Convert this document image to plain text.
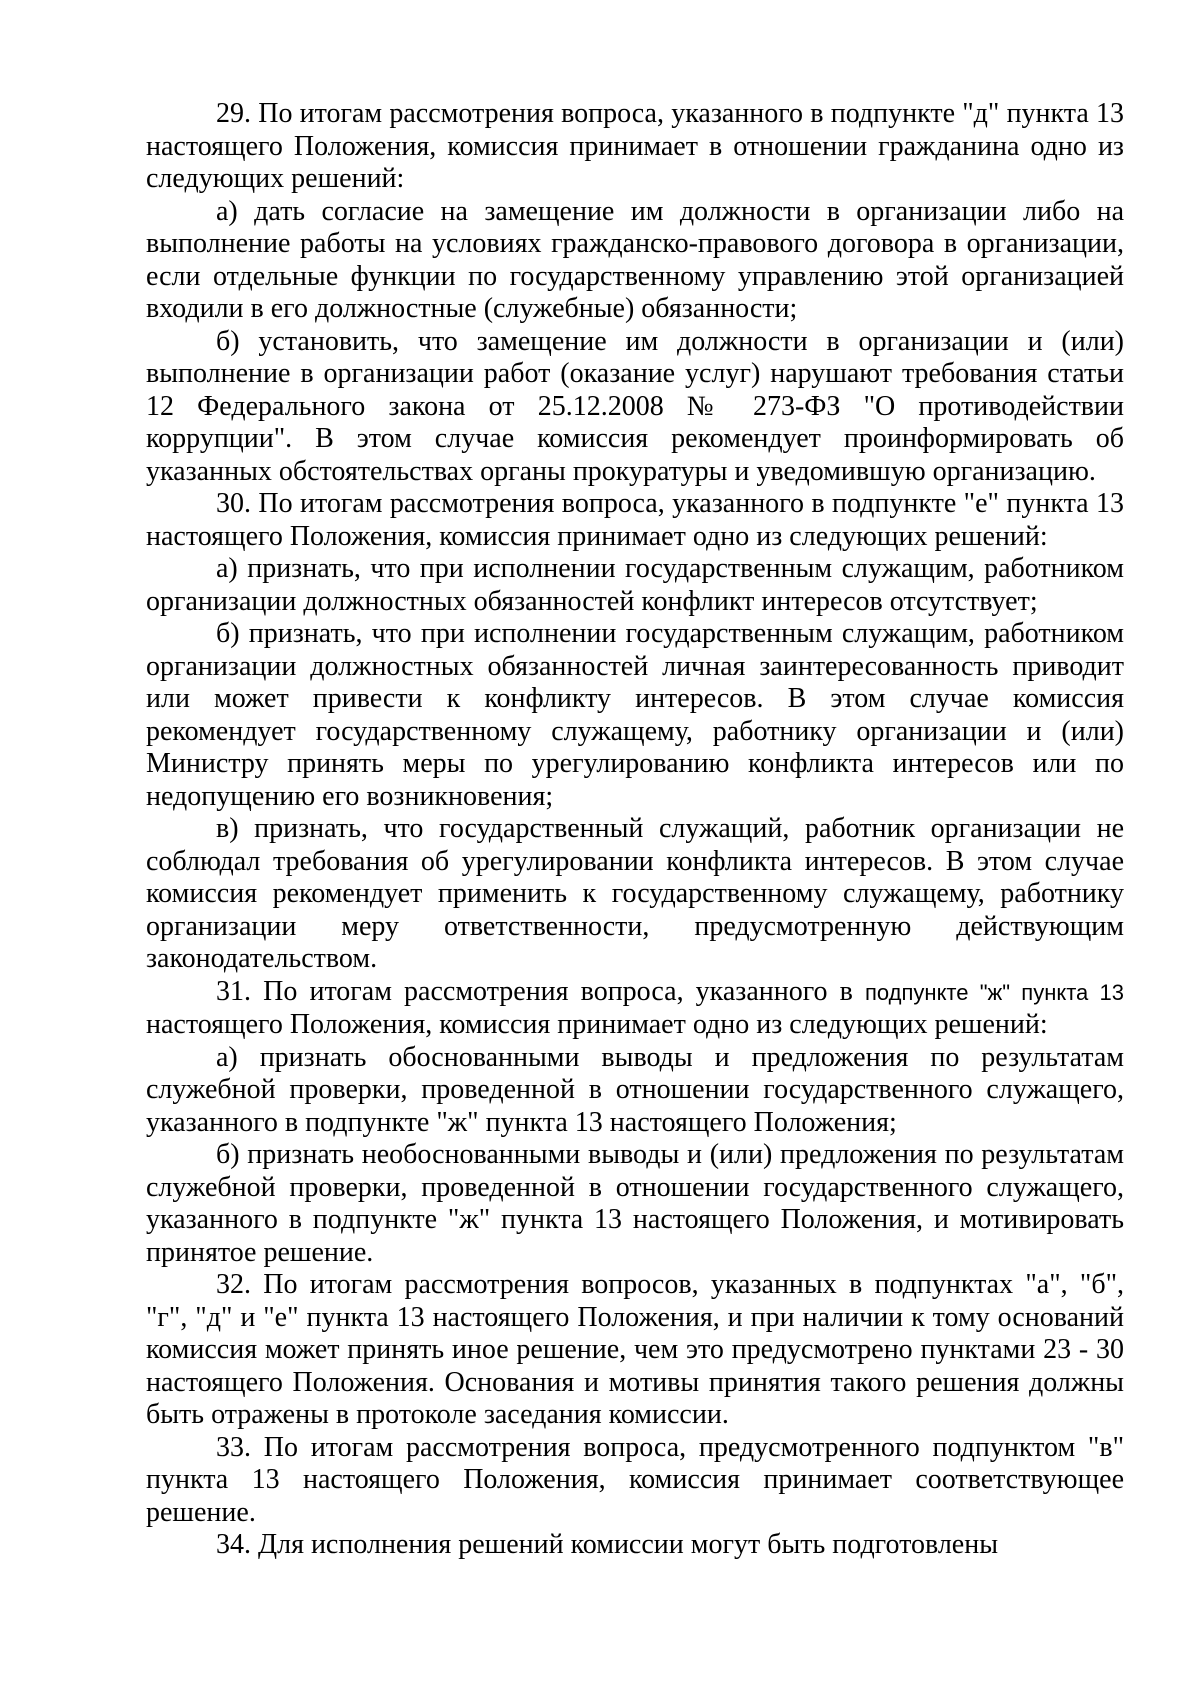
29. По итогам рассмотрения вопроса, указанного в подпункте "д" пункта 13 настоящего Положения, комиссия принимает в отношении гражданина одно из следующих решений:

а) дать согласие на замещение им должности в организации либо на выполнение работы на условиях гражданско-правового договора в организации, если отдельные функции по государственному управлению этой организацией входили в его должностные (служебные) обязанности;

б) установить, что замещение им должности в организации и (или) выполнение в организации работ (оказание услуг) нарушают требования статьи 12 Федерального закона от 25.12.2008 № 273-ФЗ "О противодействии коррупции". В этом случае комиссия рекомендует проинформировать об указанных обстоятельствах органы прокуратуры и уведомившую организацию.

30. По итогам рассмотрения вопроса, указанного в подпункте "е" пункта 13 настоящего Положения, комиссия принимает одно из следующих решений:

а) признать, что при исполнении государственным служащим, работником организации должностных обязанностей конфликт интересов отсутствует;

б) признать, что при исполнении государственным служащим, работником организации должностных обязанностей личная заинтересованность приводит или может привести к конфликту интересов. В этом случае комиссия рекомендует государственному служащему, работнику организации и (или) Министру принять меры по урегулированию конфликта интересов или по недопущению его возникновения;

в) признать, что государственный служащий, работник организации не соблюдал требования об урегулировании конфликта интересов. В этом случае комиссия рекомендует применить к государственному служащему, работнику организации меру ответственности, предусмотренную действующим законодательством.

31. По итогам рассмотрения вопроса, указанного в подпункте "ж" пункта 13 настоящего Положения, комиссия принимает одно из следующих решений:

а) признать обоснованными выводы и предложения по результатам служебной проверки, проведенной в отношении государственного служащего, указанного в подпункте "ж" пункта 13 настоящего Положения;

б) признать необоснованными выводы и (или) предложения по результатам служебной проверки, проведенной в отношении государственного служащего, указанного в подпункте "ж" пункта 13 настоящего Положения, и мотивировать принятое решение.

32. По итогам рассмотрения вопросов, указанных в подпунктах "а", "б", "г", "д" и "е" пункта 13 настоящего Положения, и при наличии к тому оснований комиссия может принять иное решение, чем это предусмотрено пунктами 23 - 30 настоящего Положения. Основания и мотивы принятия такого решения должны быть отражены в протоколе заседания комиссии.

33. По итогам рассмотрения вопроса, предусмотренного подпунктом "в" пункта 13 настоящего Положения, комиссия принимает соответствующее решение.

34. Для исполнения решений комиссии могут быть подготовлены
